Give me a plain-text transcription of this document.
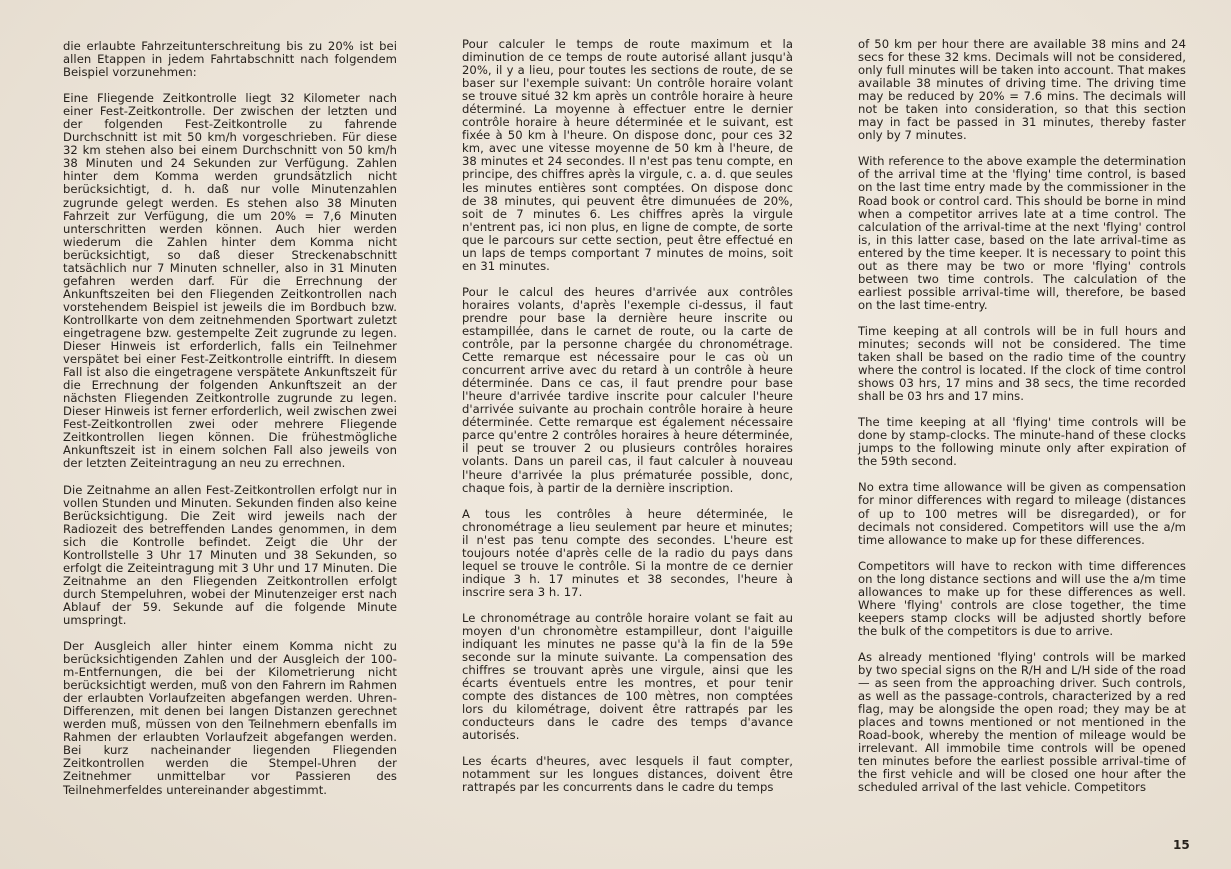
die erlaubte Fahrzeitunterschreitung bis zu 20% ist bei allen Etappen in jedem Fahrtabschnitt nach folgendem Beispiel vorzunehmen:

Eine Fliegende Zeitkontrolle liegt 32 Kilometer nach einer Fest-Zeitkontrolle. Der zwischen der letzten und der folgenden Fest-Zeitkontrolle zu fahrende Durchschnitt ist mit 50 km/h vorgeschrieben. Für diese 32 km stehen also bei einem Durchschnitt von 50 km/h 38 Minuten und 24 Sekunden zur Verfügung. Zahlen hinter dem Komma werden grundsätzlich nicht berücksichtigt, d. h. daß nur volle Minutenzahlen zugrunde gelegt werden. Es stehen also 38 Minuten Fahrzeit zur Verfügung, die um 20% = 7,6 Minuten unterschritten werden können. Auch hier werden wiederum die Zahlen hinter dem Komma nicht berücksichtigt, so daß dieser Streckenabschnitt tatsächlich nur 7 Minuten schneller, also in 31 Minuten gefahren werden darf. Für die Errechnung der Ankunftszeiten bei den Fliegenden Zeitkontrollen nach vorstehendem Beispiel ist jeweils die im Bordbuch bzw. Kontrollkarte von dem zeitnehmenden Sportwart zuletzt eingetragene bzw. gestempelte Zeit zugrunde zu legen. Dieser Hinweis ist erforderlich, falls ein Teilnehmer verspätet bei einer Fest-Zeitkontrolle eintrifft. In diesem Fall ist also die eingetragene verspätete Ankunftszeit für die Errechnung der folgenden Ankunftszeit an der nächsten Fliegenden Zeitkontrolle zugrunde zu legen. Dieser Hinweis ist ferner erforderlich, weil zwischen zwei Fest-Zeitkontrollen zwei oder mehrere Fliegende Zeitkontrollen liegen können. Die frühestmögliche Ankunftszeit ist in einem solchen Fall also jeweils von der letzten Zeiteintragung an neu zu errechnen.

Die Zeitnahme an allen Fest-Zeitkontrollen erfolgt nur in vollen Stunden und Minuten. Sekunden finden also keine Berücksichtigung. Die Zeit wird jeweils nach der Radiozeit des betreffenden Landes genommen, in dem sich die Kontrolle befindet. Zeigt die Uhr der Kontrollstelle 3 Uhr 17 Minuten und 38 Sekunden, so erfolgt die Zeiteintragung mit 3 Uhr und 17 Minuten. Die Zeitnahme an den Fliegenden Zeitkontrollen erfolgt durch Stempeluhren, wobei der Minutenzeiger erst nach Ablauf der 59. Sekunde auf die folgende Minute umspringt.

Der Ausgleich aller hinter einem Komma nicht zu berücksichtigenden Zahlen und der Ausgleich der 100-m-Entfernungen, die bei der Kilometrierung nicht berücksichtigt werden, muß von den Fahrern im Rahmen der erlaubten Vorlaufzeiten abgefangen werden. Uhren-Differenzen, mit denen bei langen Distanzen gerechnet werden muß, müssen von den Teilnehmern ebenfalls im Rahmen der erlaubten Vorlaufzeit abgefangen werden. Bei kurz nacheinander liegenden Fliegenden Zeitkontrollen werden die Stempel-Uhren der Zeitnehmer unmittelbar vor Passieren des Teilnehmerfeldes untereinander abgestimmt.

Pour calculer le temps de route maximum et la diminution de ce temps de route autorisé allant jusqu'à 20%, il y a lieu, pour toutes les sections de route, de se baser sur l'exemple suivant: Un contrôle horaire volant se trouve situé 32 km après un contrôle horaire à heure déterminé. La moyenne à effectuer entre le dernier contrôle horaire à heure déterminée et le suivant, est fixée à 50 km à l'heure. On dispose donc, pour ces 32 km, avec une vitesse moyenne de 50 km à l'heure, de 38 minutes et 24 secondes. Il n'est pas tenu compte, en principe, des chiffres après la virgule, c. a. d. que seules les minutes entières sont comptées. On dispose donc de 38 minutes, qui peuvent être dimunuées de 20%, soit de 7 minutes 6. Les chiffres après la virgule n'entrent pas, ici non plus, en ligne de compte, de sorte que le parcours sur cette section, peut être effectué en un laps de temps comportant 7 minutes de moins, soit en 31 minutes.

Pour le calcul des heures d'arrivée aux contrôles horaires volants, d'après l'exemple ci-dessus, il faut prendre pour base la dernière heure inscrite ou estampillée, dans le carnet de route, ou la carte de contrôle, par la personne chargée du chronométrage. Cette remarque est nécessaire pour le cas où un concurrent arrive avec du retard à un contrôle à heure déterminée. Dans ce cas, il faut prendre pour base l'heure d'arrivée tardive inscrite pour calculer l'heure d'arrivée suivante au prochain contrôle horaire à heure déterminée. Cette remarque est également nécessaire parce qu'entre 2 contrôles horaires à heure déterminée, il peut se trouver 2 ou plusieurs contrôles horaires volants. Dans un pareil cas, il faut calculer à nouveau l'heure d'arrivée la plus prématurée possible, donc, chaque fois, à partir de la dernière inscription.

A tous les contrôles à heure déterminée, le chronométrage a lieu seulement par heure et minutes; il n'est pas tenu compte des secondes. L'heure est toujours notée d'après celle de la radio du pays dans lequel se trouve le contrôle. Si la montre de ce dernier indique 3 h. 17 minutes et 38 secondes, l'heure à inscrire sera 3 h. 17.

Le chronométrage au contrôle horaire volant se fait au moyen d'un chronomètre estampilleur, dont l'aiguille indiquant les minutes ne passe qu'à la fin de la 59e seconde sur la minute suivante. La compensation des chiffres se trouvant après une virgule, ainsi que les écarts éventuels entre les montres, et pour tenir compte des distances de 100 mètres, non comptées lors du kilométrage, doivent être rattrapés par les conducteurs dans le cadre des temps d'avance autorisés.

Les écarts d'heures, avec lesquels il faut compter, notamment sur les longues distances, doivent être rattrapés par les concurrents dans le cadre du temps

of 50 km per hour there are available 38 mins and 24 secs for these 32 kms. Decimals will not be considered, only full minutes will be taken into account. That makes available 38 minutes of driving time. The driving time may be reduced by 20% = 7.6 mins. The decimals will not be taken into consideration, so that this section may in fact be passed in 31 minutes, thereby faster only by 7 minutes.

With reference to the above example the determination of the arrival time at the 'flying' time control, is based on the last time entry made by the commissioner in the Road book or control card. This should be borne in mind when a competitor arrives late at a time control. The calculation of the arrival-time at the next 'flying' control is, in this latter case, based on the late arrival-time as entered by the time keeper. It is necessary to point this out as there may be two or more 'flying' controls between two time controls. The calculation of the earliest possible arrival-time will, therefore, be based on the last time-entry.

Time keeping at all controls will be in full hours and minutes; seconds will not be considered. The time taken shall be based on the radio time of the country where the control is located. If the clock of time control shows 03 hrs, 17 mins and 38 secs, the time recorded shall be 03 hrs and 17 mins.

The time keeping at all 'flying' time controls will be done by stamp-clocks. The minute-hand of these clocks jumps to the following minute only after expiration of the 59th second.

No extra time allowance will be given as compensation for minor differences with regard to mileage (distances of up to 100 metres will be disregarded), or for decimals not considered. Competitors will use the a/m time allowance to make up for these differences.

Competitors will have to reckon with time differences on the long distance sections and will use the a/m time allowances to make up for these differences as well. Where 'flying' controls are close together, the time keepers stamp clocks will be adjusted shortly before the bulk of the competitors is due to arrive.

As already mentioned 'flying' controls will be marked by two special signs on the R/H and L/H side of the road — as seen from the approaching driver. Such controls, as well as the passage-controls, characterized by a red flag, may be alongside the open road; they may be at places and towns mentioned or not mentioned in the Road-book, whereby the mention of mileage would be irrelevant. All immobile time controls will be opened ten minutes before the earliest possible arrival-time of the first vehicle and will be closed one hour after the scheduled arrival of the last vehicle. Competitors

15
